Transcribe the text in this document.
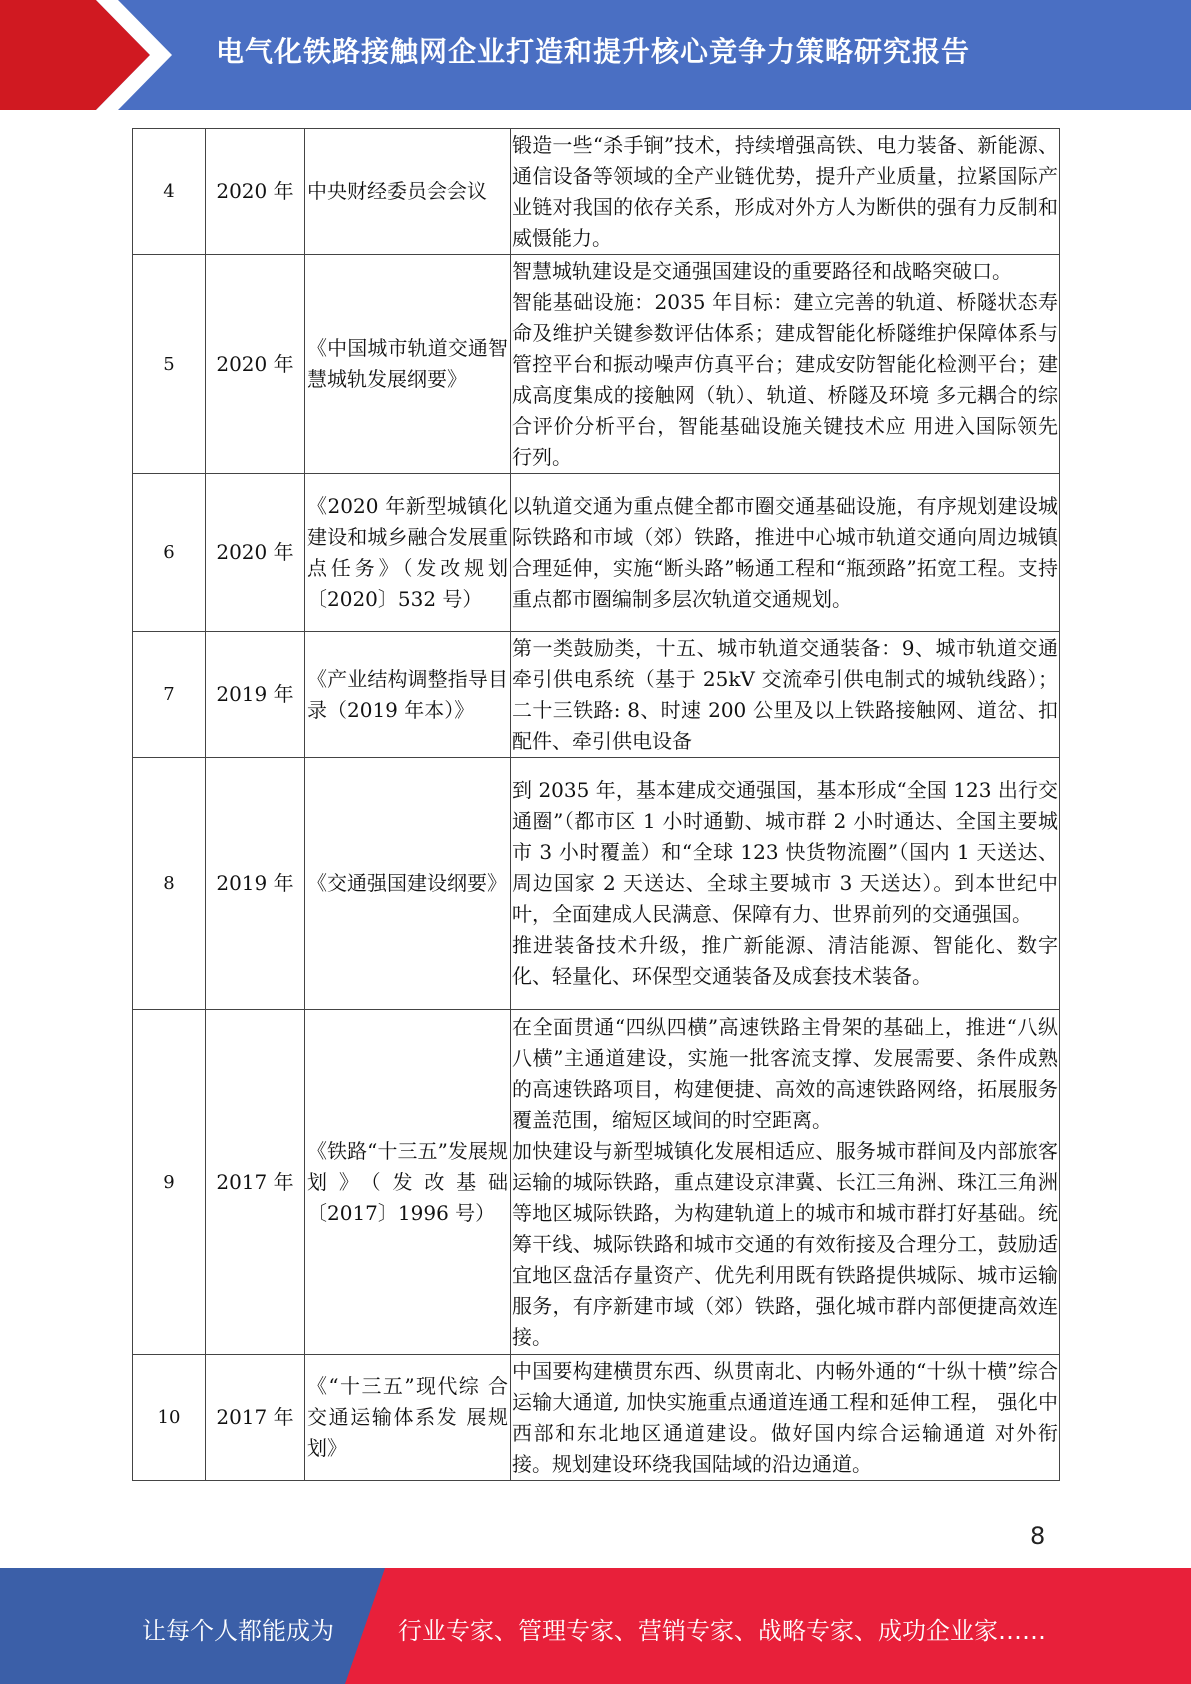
电气化铁路接触网企业打造和提升核心竞争力策略研究报告
4	2020 年	中央财经委员会会议	锻造一些“杀手锏”技术，持续增强高铁、电力装备、新能源、通信设备等领域的全产业链优势，提升产业质量，拉紧国际产业链对我国的依存关系，形成对外方人为断供的强有力反制和威慑能力。

5	2020 年	《中国城市轨道交通智慧城轨发展纲要》	智慧城轨建设是交通强国建设的重要路径和战略突破口。
智能基础设施：2035 年目标：建立完善的轨道、桥隧状态寿命及维护关键参数评估体系；建成智能化桥隧维护保障体系与管控平台和振动噪声仿真平台；建成安防智能化检测平台；建成高度集成的接触网（轨）、轨道、桥隧及环境 多元耦合的综合评价分析平台，智能基础设施关键技术应 用进入国际领先行列。

6	2020 年	《2020 年新型城镇化建设和城乡融合发展重点任务》（发改规划〔2020〕532 号）	以轨道交通为重点健全都市圈交通基础设施，有序规划建设城际铁路和市域（郊）铁路，推进中心城市轨道交通向周边城镇合理延伸，实施“断头路”畅通工程和“瓶颈路”拓宽工程。支持重点都市圈编制多层次轨道交通规划。

7	2019 年	《产业结构调整指导目录（2019 年本）》	第一类鼓励类，十五、城市轨道交通装备：9、城市轨道交通牵引供电系统（基于 25kV 交流牵引供电制式的城轨线路）；二十三铁路: 8、时速 200 公里及以上铁路接触网、道岔、扣配件、牵引供电设备

8	2019 年	《交通强国建设纲要》	到 2035 年，基本建成交通强国，基本形成“全国 123 出行交通圈”（都市区 1 小时通勤、城市群 2 小时通达、全国主要城市 3 小时覆盖）和“全球 123 快货物流圈”（国内 1 天送达、周边国家 2 天送达、全球主要城市 3 天送达）。到本世纪中叶，全面建成人民满意、保障有力、世界前列的交通强国。
推进装备技术升级，推广新能源、清洁能源、智能化、数字化、轻量化、环保型交通装备及成套技术装备。

9	2017 年	《铁路“十三五”发展规划》（发改基础〔2017〕1996 号）	在全面贯通“四纵四横”高速铁路主骨架的基础上，推进“八纵八横”主通道建设，实施一批客流支撑、发展需要、条件成熟的高速铁路项目，构建便捷、高效的高速铁路网络，拓展服务覆盖范围，缩短区域间的时空距离。
加快建设与新型城镇化发展相适应、服务城市群间及内部旅客运输的城际铁路，重点建设京津冀、长江三角洲、珠江三角洲等地区城际铁路，为构建轨道上的城市和城市群打好基础。统筹干线、城际铁路和城市交通的有效衔接及合理分工，鼓励适宜地区盘活存量资产、优先利用既有铁路提供城际、城市运输服务，有序新建市域（郊）铁路，强化城市群内部便捷高效连接。

10	2017 年	《“十三五”现代综 合交通运输体系发 展规划》	中国要构建横贯东西、纵贯南北、内畅外通的“十纵十横”综合运输大通道, 加快实施重点通道连通工程和延伸工程， 强化中西部和东北地区通道建设。做好国内综合运输通道 对外衔接。规划建设环绕我国陆域的沿边通道。
8
让每个人都能成为	行业专家、管理专家、营销专家、战略专家、成功企业家……
